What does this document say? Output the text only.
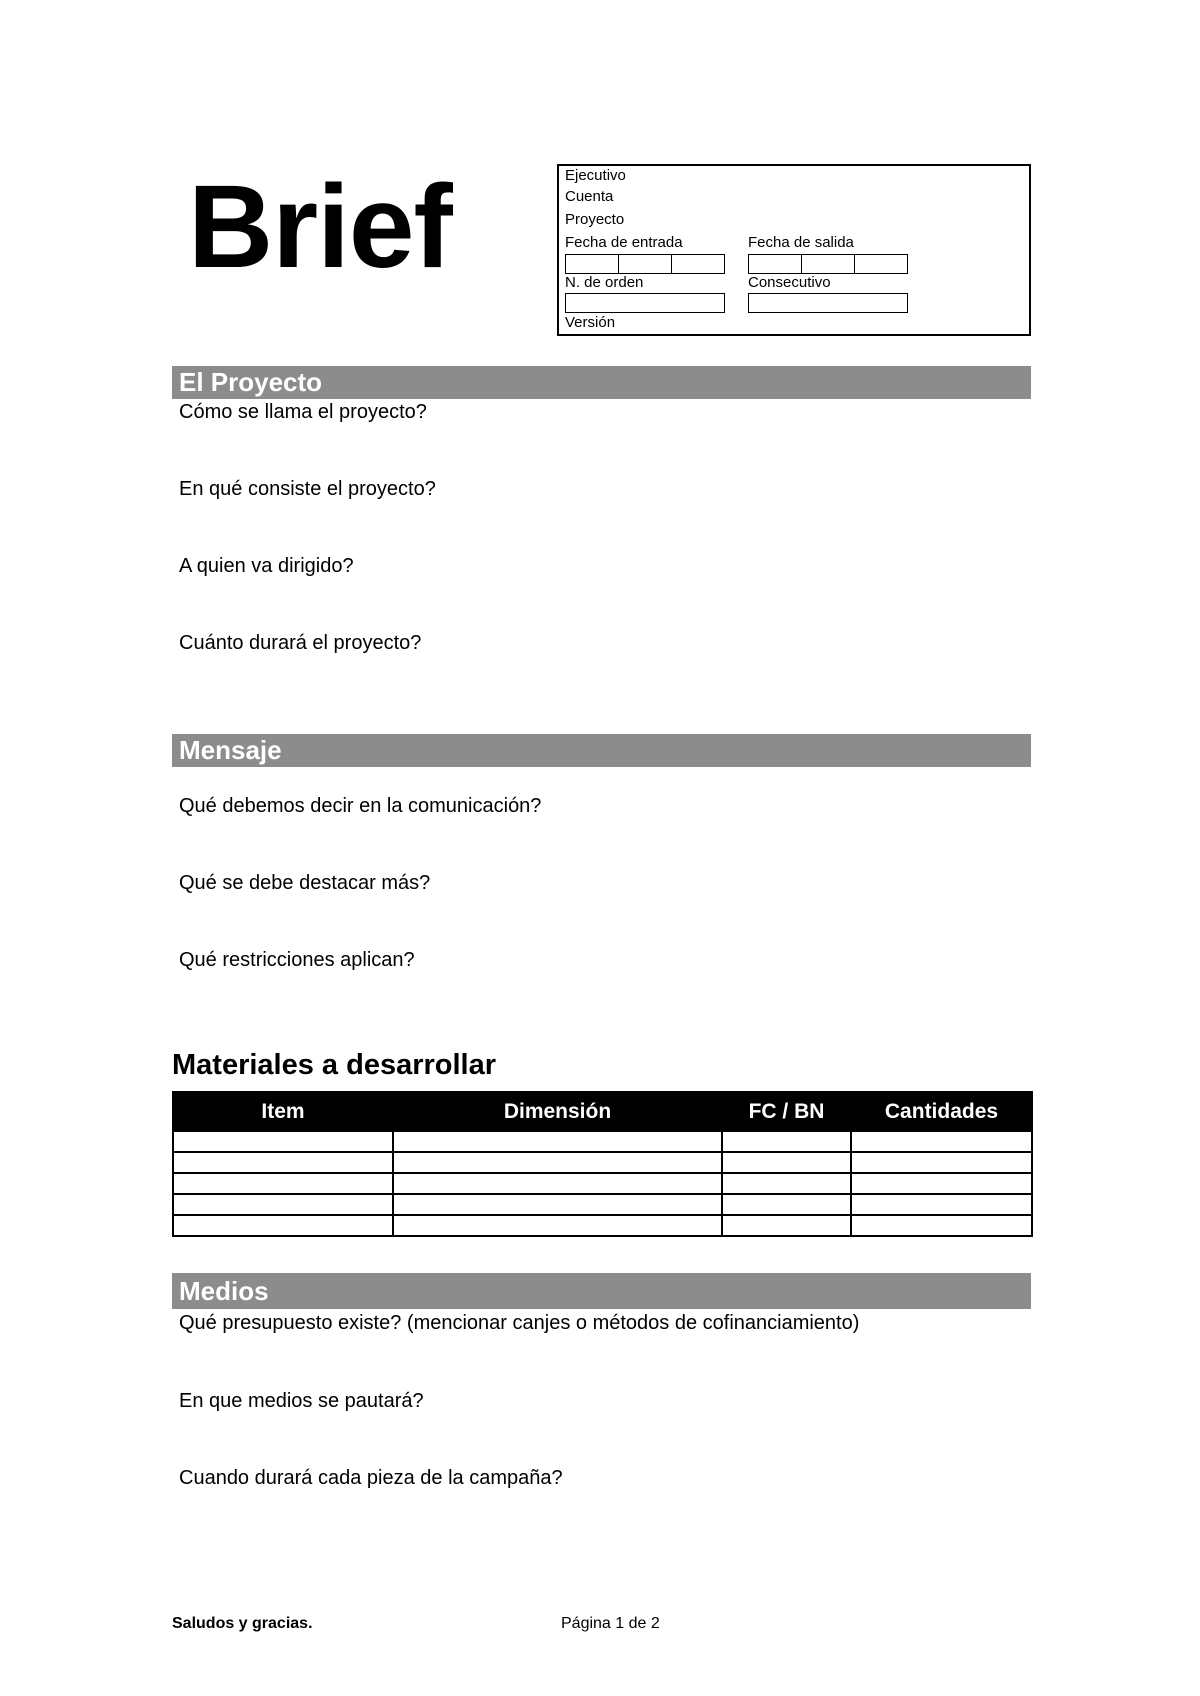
Brief	Ejecutivo
Cuenta
Proyecto
Fecha de entrada	Fecha de salida
N. de orden	Consecutivo
Versión
El Proyecto
Cómo se llama el proyecto?
En qué consiste el proyecto?
A quien va dirigido?
Cuánto durará el proyecto?
Mensaje
Qué debemos decir en la comunicación?
Qué se debe destacar más?
Qué restricciones aplican?
Materiales a desarrollar
Item	Dimensión	FC / BN	Cantidades

Medios
Qué presupuesto existe? (mencionar canjes o métodos de cofinanciamiento)
En que medios se pautará?
Cuando durará cada pieza de la campaña?
Saludos y gracias.	Página 1 de 2
